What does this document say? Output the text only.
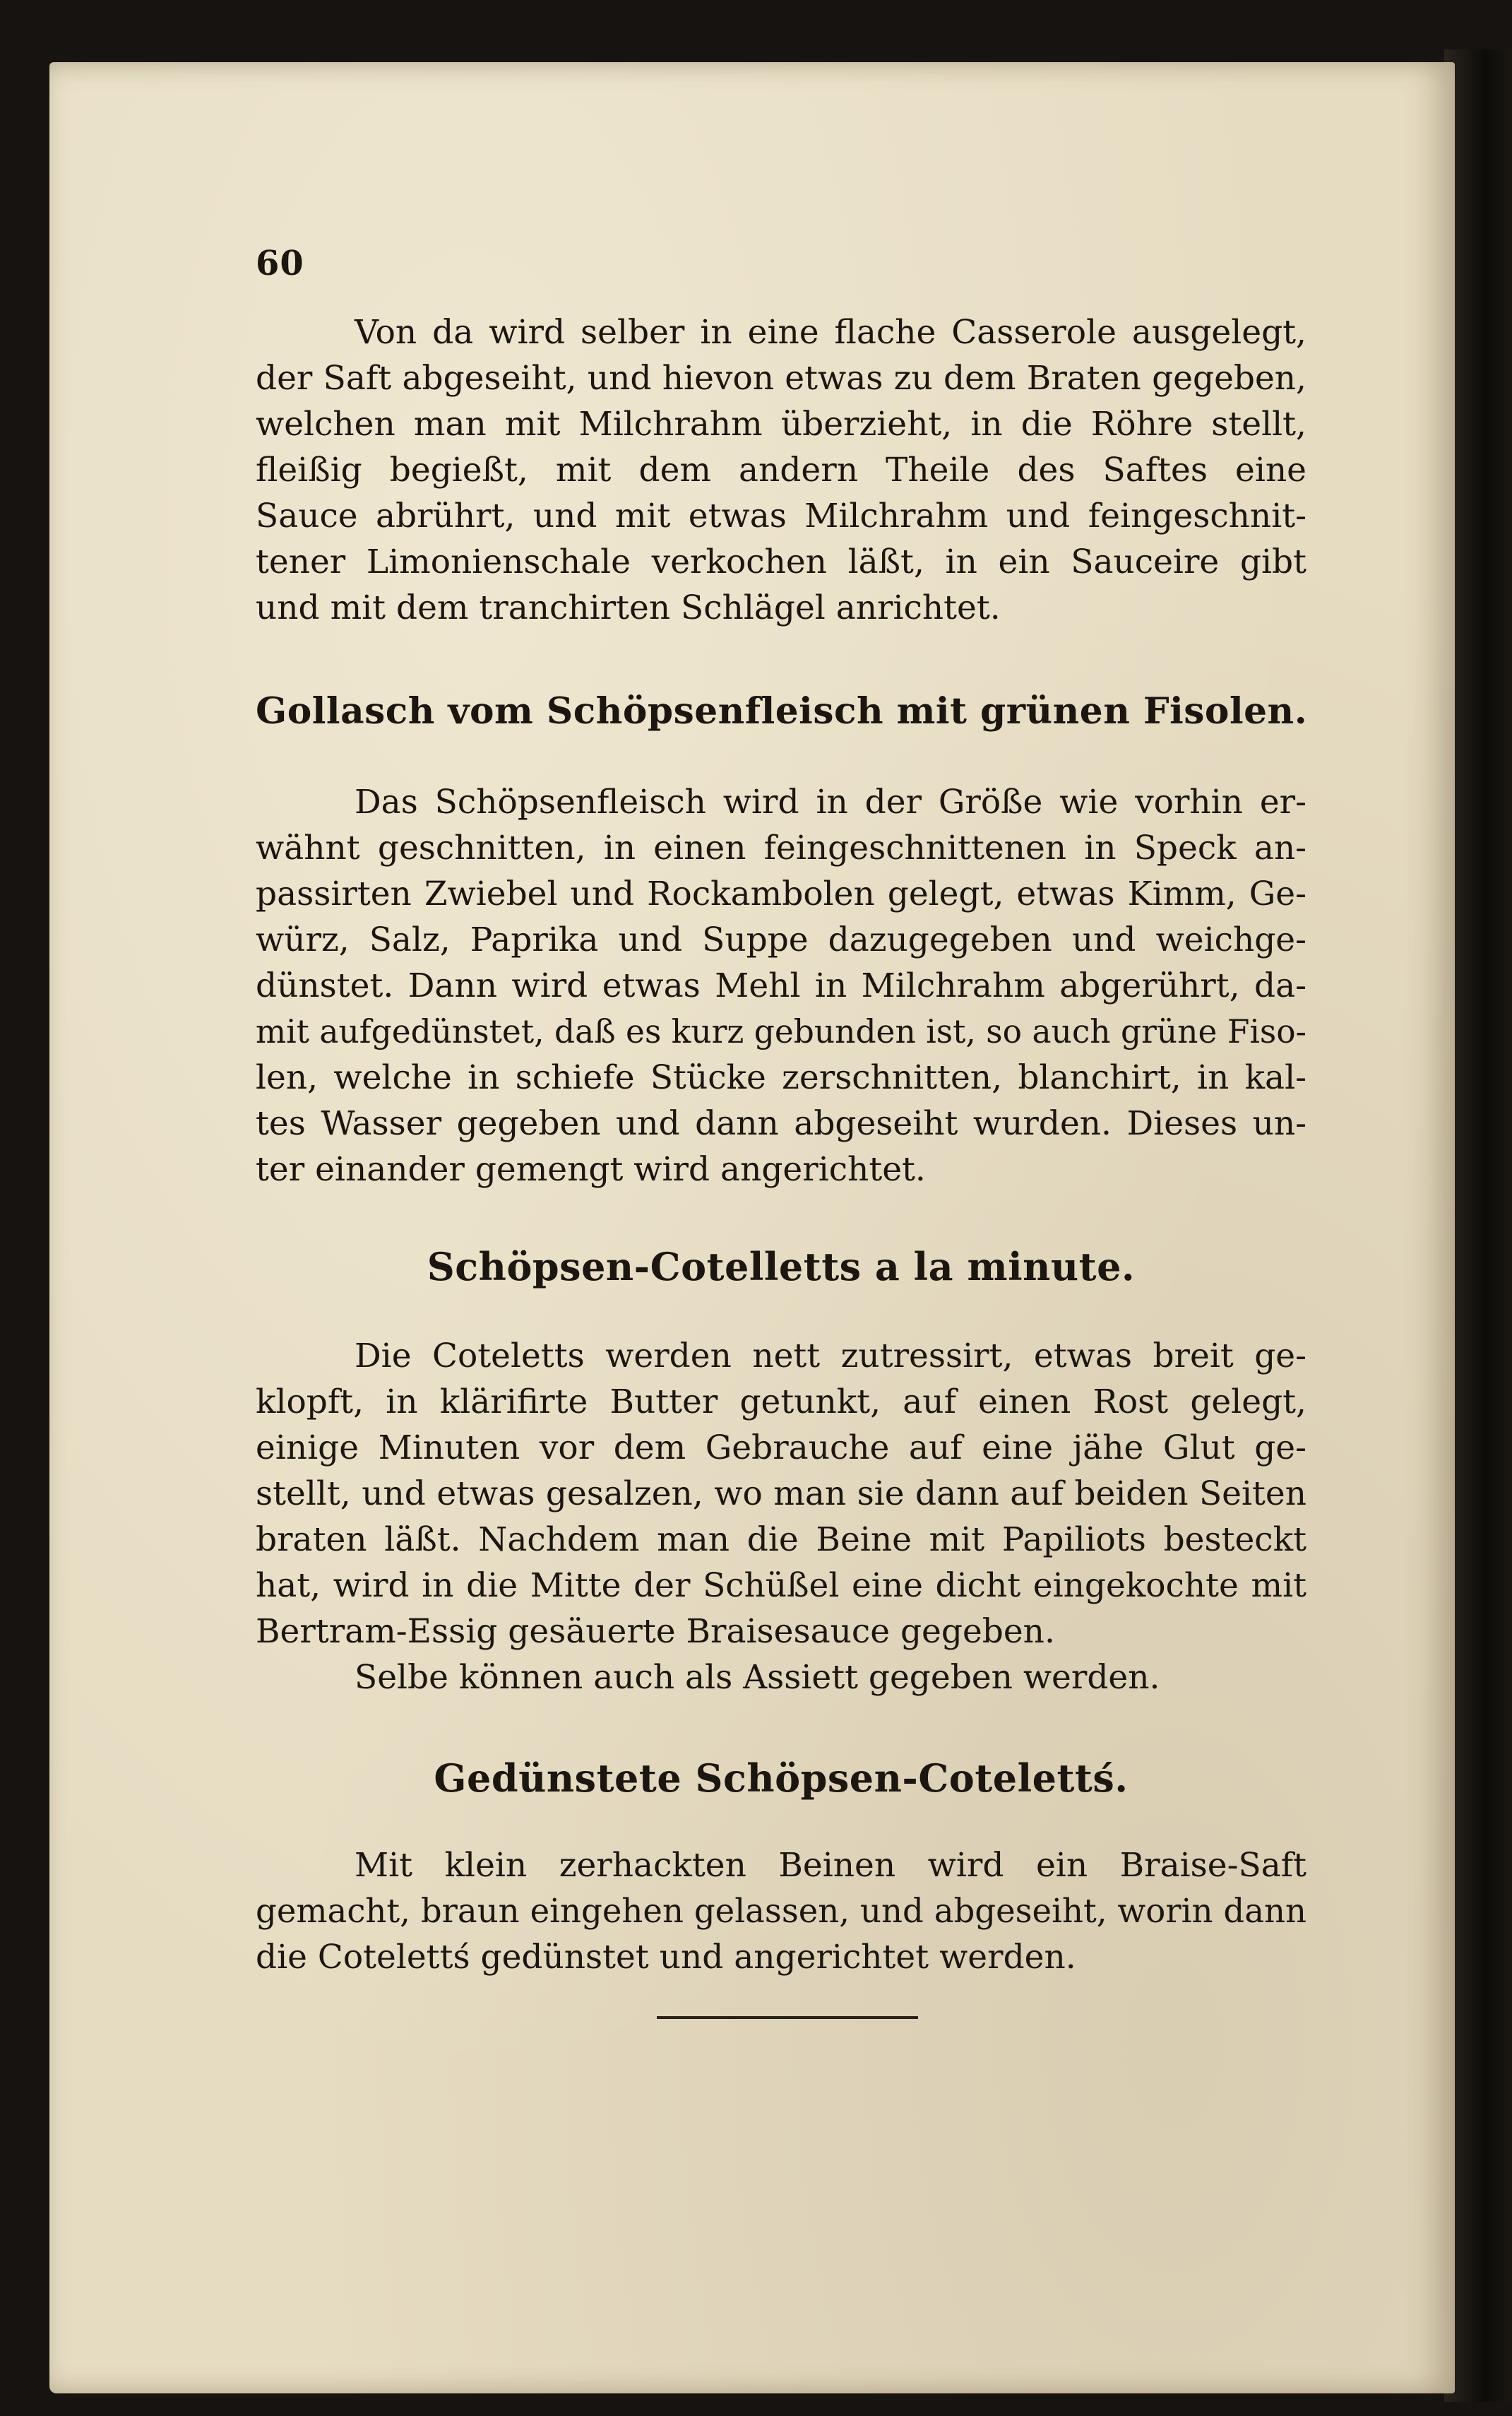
60
Von da wird selber in eine flache Casserole ausgelegt,
der Saft abgeseiht, und hievon etwas zu dem Braten gegeben,
welchen man mit Milchrahm überzieht, in die Röhre stellt,
fleißig begießt, mit dem andern Theile des Saftes eine
Sauce abrührt, und mit etwas Milchrahm und feingeschnit-
tener Limonienschale verkochen läßt, in ein Sauceire gibt
und mit dem tranchirten Schlägel anrichtet.
Gollasch vom Schöpsenfleisch mit grünen Fisolen.
Das Schöpsenfleisch wird in der Größe wie vorhin er-
wähnt geschnitten, in einen feingeschnittenen in Speck an-
passirten Zwiebel und Rockambolen gelegt, etwas Kimm, Ge-
würz, Salz, Paprika und Suppe dazugegeben und weichge-
dünstet. Dann wird etwas Mehl in Milchrahm abgerührt, da-
mit aufgedünstet, daß es kurz gebunden ist, so auch grüne Fiso-
len, welche in schiefe Stücke zerschnitten, blanchirt, in kal-
tes Wasser gegeben und dann abgeseiht wurden. Dieses un-
ter einander gemengt wird angerichtet.
Schöpsen-Cotelletts a la minute.
Die Coteletts werden nett zutressirt, etwas breit ge-
klopft, in klärifirte Butter getunkt, auf einen Rost gelegt,
einige Minuten vor dem Gebrauche auf eine jähe Glut ge-
stellt, und etwas gesalzen, wo man sie dann auf beiden Seiten
braten läßt. Nachdem man die Beine mit Papiliots besteckt
hat, wird in die Mitte der Schüßel eine dicht eingekochte mit
Bertram-Essig gesäuerte Braisesauce gegeben.
Selbe können auch als Assiett gegeben werden.
Gedünstete Schöpsen-Cotelettś.
Mit klein zerhackten Beinen wird ein Braise-Saft
gemacht, braun eingehen gelassen, und abgeseiht, worin dann
die Cotelettś gedünstet und angerichtet werden.
